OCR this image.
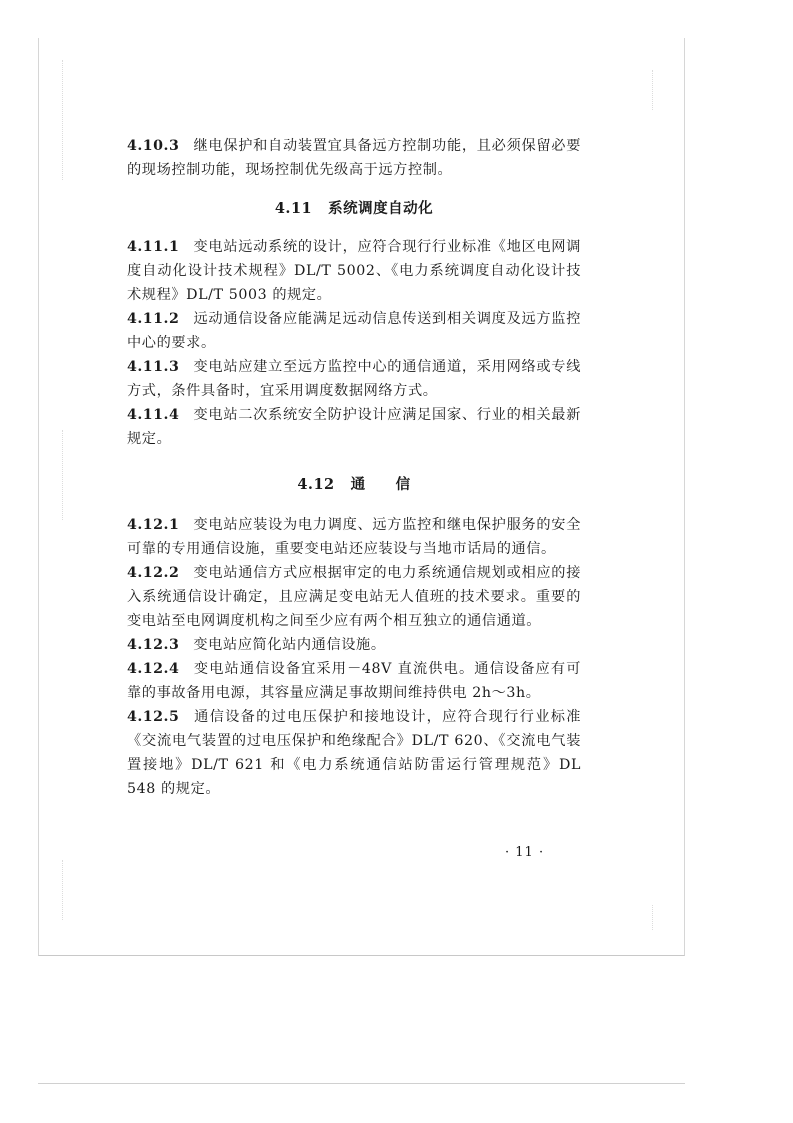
4.10.3 继电保护和自动装置宜具备远方控制功能，且必须保留必要的现场控制功能，现场控制优先级高于远方控制。

4.11 系统调度自动化

4.11.1 变电站远动系统的设计，应符合现行行业标准《地区电网调度自动化设计技术规程》DL/T 5002、《电力系统调度自动化设计技术规程》DL/T 5003 的规定。

4.11.2 远动通信设备应能满足远动信息传送到相关调度及远方监控中心的要求。

4.11.3 变电站应建立至远方监控中心的通信通道，采用网络或专线方式，条件具备时，宜采用调度数据网络方式。

4.11.4 变电站二次系统安全防护设计应满足国家、行业的相关最新规定。

4.12 通　　信

4.12.1 变电站应装设为电力调度、远方监控和继电保护服务的安全可靠的专用通信设施，重要变电站还应装设与当地市话局的通信。

4.12.2 变电站通信方式应根据审定的电力系统通信规划或相应的接入系统通信设计确定，且应满足变电站无人值班的技术要求。重要的变电站至电网调度机构之间至少应有两个相互独立的通信通道。

4.12.3 变电站应简化站内通信设施。

4.12.4 变电站通信设备宜采用－48V 直流供电。通信设备应有可靠的事故备用电源，其容量应满足事故期间维持供电 2h～3h。

4.12.5 通信设备的过电压保护和接地设计，应符合现行行业标准《交流电气装置的过电压保护和绝缘配合》DL/T 620、《交流电气装置接地》DL/T 621 和《电力系统通信站防雷运行管理规范》DL 548 的规定。

· 11 ·
